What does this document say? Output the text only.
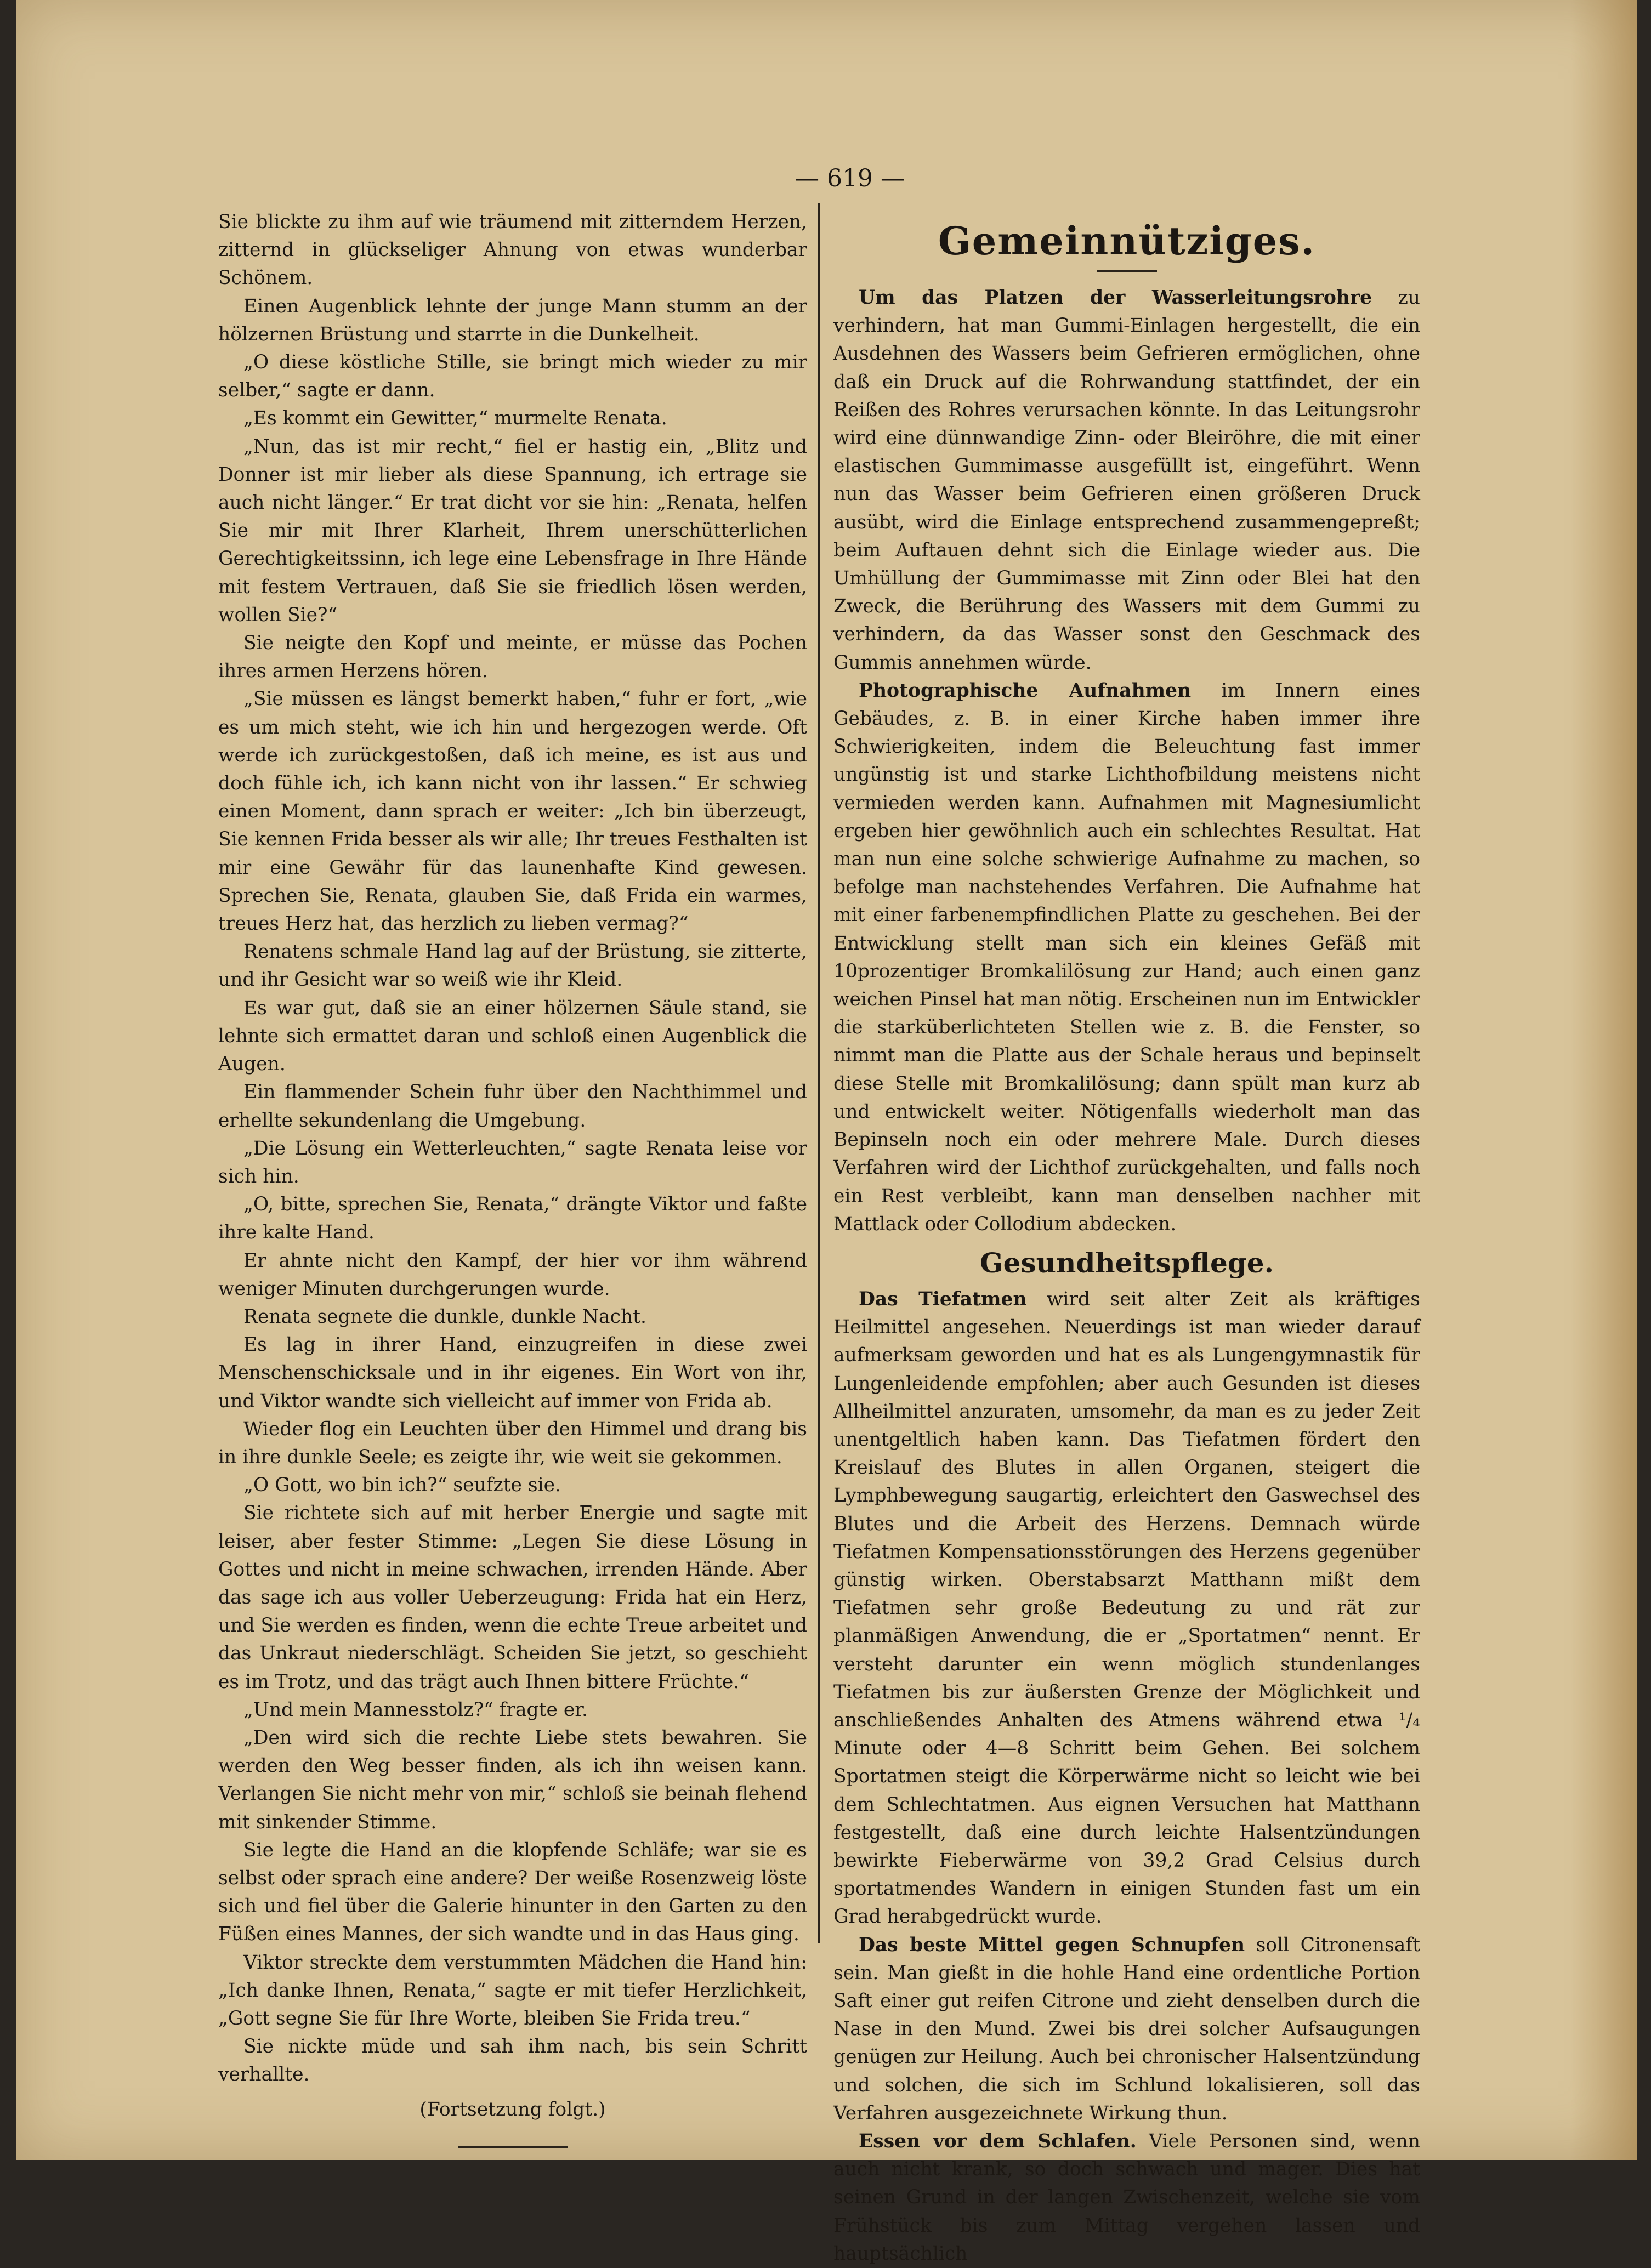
— 619 —

Sie blickte zu ihm auf wie träumend mit zitterndem Herzen, zitternd in glückseliger Ahnung von etwas wunderbar Schönem.

Einen Augenblick lehnte der junge Mann stumm an der hölzernen Brüstung und starrte in die Dunkelheit.

„O diese köstliche Stille, sie bringt mich wieder zu mir selber,“ sagte er dann.

„Es kommt ein Gewitter,“ murmelte Renata.

„Nun, das ist mir recht,“ fiel er hastig ein, „Blitz und Donner ist mir lieber als diese Spannung, ich ertrage sie auch nicht länger.“ Er trat dicht vor sie hin: „Renata, helfen Sie mir mit Ihrer Klarheit, Ihrem unerschütterlichen Gerechtigkeitssinn, ich lege eine Lebensfrage in Ihre Hände mit festem Vertrauen, daß Sie sie friedlich lösen werden, wollen Sie?“

Sie neigte den Kopf und meinte, er müsse das Pochen ihres armen Herzens hören.

„Sie müssen es längst bemerkt haben,“ fuhr er fort, „wie es um mich steht, wie ich hin und hergezogen werde. Oft werde ich zurückgestoßen, daß ich meine, es ist aus und doch fühle ich, ich kann nicht von ihr lassen.“ Er schwieg einen Moment, dann sprach er weiter: „Ich bin überzeugt, Sie kennen Frida besser als wir alle; Ihr treues Festhalten ist mir eine Gewähr für das launenhafte Kind gewesen. Sprechen Sie, Renata, glauben Sie, daß Frida ein warmes, treues Herz hat, das herzlich zu lieben vermag?“

Renatens schmale Hand lag auf der Brüstung, sie zitterte, und ihr Gesicht war so weiß wie ihr Kleid.

Es war gut, daß sie an einer hölzernen Säule stand, sie lehnte sich ermattet daran und schloß einen Augenblick die Augen.

Ein flammender Schein fuhr über den Nachthimmel und erhellte sekundenlang die Umgebung.

„Die Lösung ein Wetterleuchten,“ sagte Renata leise vor sich hin.

„O, bitte, sprechen Sie, Renata,“ drängte Viktor und faßte ihre kalte Hand.

Er ahnte nicht den Kampf, der hier vor ihm während weniger Minuten durchgerungen wurde.

Renata segnete die dunkle, dunkle Nacht.

Es lag in ihrer Hand, einzugreifen in diese zwei Menschenschicksale und in ihr eigenes. Ein Wort von ihr, und Viktor wandte sich vielleicht auf immer von Frida ab.

Wieder flog ein Leuchten über den Himmel und drang bis in ihre dunkle Seele; es zeigte ihr, wie weit sie gekommen.

„O Gott, wo bin ich?“ seufzte sie.

Sie richtete sich auf mit herber Energie und sagte mit leiser, aber fester Stimme: „Legen Sie diese Lösung in Gottes und nicht in meine schwachen, irrenden Hände. Aber das sage ich aus voller Ueberzeugung: Frida hat ein Herz, und Sie werden es finden, wenn die echte Treue arbeitet und das Unkraut niederschlägt. Scheiden Sie jetzt, so geschieht es im Trotz, und das trägt auch Ihnen bittere Früchte.“

„Und mein Mannesstolz?“ fragte er.

„Den wird sich die rechte Liebe stets bewahren. Sie werden den Weg besser finden, als ich ihn weisen kann. Verlangen Sie nicht mehr von mir,“ schloß sie beinah flehend mit sinkender Stimme.

Sie legte die Hand an die klopfende Schläfe; war sie es selbst oder sprach eine andere? Der weiße Rosenzweig löste sich und fiel über die Galerie hinunter in den Garten zu den Füßen eines Mannes, der sich wandte und in das Haus ging.

Viktor streckte dem verstummten Mädchen die Hand hin: „Ich danke Ihnen, Renata,“ sagte er mit tiefer Herzlichkeit, „Gott segne Sie für Ihre Worte, bleiben Sie Frida treu.“

Sie nickte müde und sah ihm nach, bis sein Schritt verhallte.

(Fortsetzung folgt.)

Gemeinnütziges.

Um das Platzen der Wasserleitungsrohre zu verhindern, hat man Gummi-Einlagen hergestellt, die ein Ausdehnen des Wassers beim Gefrieren ermöglichen, ohne daß ein Druck auf die Rohrwandung stattfindet, der ein Reißen des Rohres verursachen könnte. In das Leitungsrohr wird eine dünnwandige Zinn- oder Bleiröhre, die mit einer elastischen Gummimasse ausgefüllt ist, eingeführt. Wenn nun das Wasser beim Gefrieren einen größeren Druck ausübt, wird die Einlage entsprechend zusammengepreßt; beim Auftauen dehnt sich die Einlage wieder aus. Die Umhüllung der Gummimasse mit Zinn oder Blei hat den Zweck, die Berührung des Wassers mit dem Gummi zu verhindern, da das Wasser sonst den Geschmack des Gummis annehmen würde.

Photographische Aufnahmen im Innern eines Gebäudes, z. B. in einer Kirche haben immer ihre Schwierigkeiten, indem die Beleuchtung fast immer ungünstig ist und starke Lichthofbildung meistens nicht vermieden werden kann. Aufnahmen mit Magnesiumlicht ergeben hier gewöhnlich auch ein schlechtes Resultat. Hat man nun eine solche schwierige Aufnahme zu machen, so befolge man nachstehendes Verfahren. Die Aufnahme hat mit einer farbenempfindlichen Platte zu geschehen. Bei der Entwicklung stellt man sich ein kleines Gefäß mit 10prozentiger Bromkalilösung zur Hand; auch einen ganz weichen Pinsel hat man nötig. Erscheinen nun im Entwickler die starküberlichteten Stellen wie z. B. die Fenster, so nimmt man die Platte aus der Schale heraus und bepinselt diese Stelle mit Bromkalilösung; dann spült man kurz ab und entwickelt weiter. Nötigenfalls wiederholt man das Bepinseln noch ein oder mehrere Male. Durch dieses Verfahren wird der Lichthof zurückgehalten, und falls noch ein Rest verbleibt, kann man denselben nachher mit Mattlack oder Collodium abdecken.

Gesundheitspflege.

Das Tiefatmen wird seit alter Zeit als kräftiges Heilmittel angesehen. Neuerdings ist man wieder darauf aufmerksam geworden und hat es als Lungengymnastik für Lungenleidende empfohlen; aber auch Gesunden ist dieses Allheilmittel anzuraten, umsomehr, da man es zu jeder Zeit unentgeltlich haben kann. Das Tiefatmen fördert den Kreislauf des Blutes in allen Organen, steigert die Lymphbewegung saugartig, erleichtert den Gaswechsel des Blutes und die Arbeit des Herzens. Demnach würde Tiefatmen Kompensationsstörungen des Herzens gegenüber günstig wirken. Oberstabsarzt Matthann mißt dem Tiefatmen sehr große Bedeutung zu und rät zur planmäßigen Anwendung, die er „Sportatmen“ nennt. Er versteht darunter ein wenn möglich stundenlanges Tiefatmen bis zur äußersten Grenze der Möglichkeit und anschließendes Anhalten des Atmens während etwa ¹/₄ Minute oder 4—8 Schritt beim Gehen. Bei solchem Sportatmen steigt die Körperwärme nicht so leicht wie bei dem Schlechtatmen. Aus eignen Versuchen hat Matthann festgestellt, daß eine durch leichte Halsentzündungen bewirkte Fieberwärme von 39,2 Grad Celsius durch sportatmendes Wandern in einigen Stunden fast um ein Grad herabgedrückt wurde.

Das beste Mittel gegen Schnupfen soll Citronensaft sein. Man gießt in die hohle Hand eine ordentliche Portion Saft einer gut reifen Citrone und zieht denselben durch die Nase in den Mund. Zwei bis drei solcher Aufsaugungen genügen zur Heilung. Auch bei chronischer Halsentzündung und solchen, die sich im Schlund lokalisieren, soll das Verfahren ausgezeichnete Wirkung thun.

Essen vor dem Schlafen. Viele Personen sind, wenn auch nicht krank, so doch schwach und mager. Dies hat seinen Grund in der langen Zwischenzeit, welche sie vom Frühstück bis zum Mittag vergehen lassen und hauptsächlich
